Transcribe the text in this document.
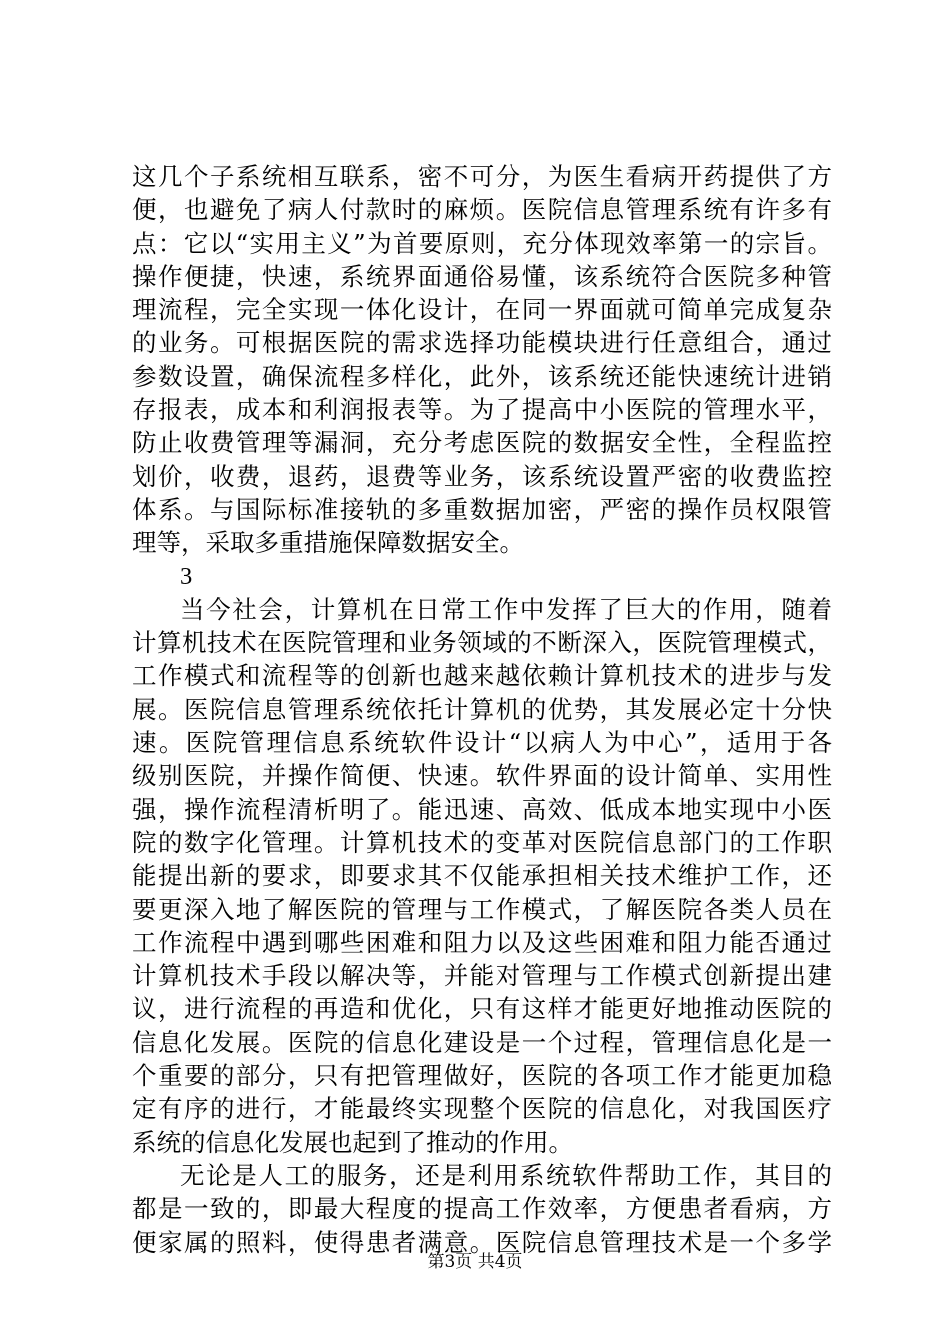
这几个子系统相互联系，密不可分，为医生看病开药提供了方
便，也避免了病人付款时的麻烦。医院信息管理系统有许多有
点：它以“实用主义”为首要原则，充分体现效率第一的宗旨。
操作便捷，快速，系统界面通俗易懂，该系统符合医院多种管
理流程，完全实现一体化设计，在同一界面就可简单完成复杂
的业务。可根据医院的需求选择功能模块进行任意组合，通过
参数设置，确保流程多样化，此外，该系统还能快速统计进销
存报表，成本和利润报表等。为了提高中小医院的管理水平，
防止收费管理等漏洞，充分考虑医院的数据安全性，全程监控
划价，收费，退药，退费等业务，该系统设置严密的收费监控
体系。与国际标准接轨的多重数据加密，严密的操作员权限管
理等，采取多重措施保障数据安全。
3
当今社会，计算机在日常工作中发挥了巨大的作用，随着
计算机技术在医院管理和业务领域的不断深入，医院管理模式，
工作模式和流程等的创新也越来越依赖计算机技术的进步与发
展。医院信息管理系统依托计算机的优势，其发展必定十分快
速。医院管理信息系统软件设计“以病人为中心”，适用于各
级别医院，并操作简便、快速。软件界面的设计简单、实用性
强，操作流程清析明了。能迅速、高效、低成本地实现中小医
院的数字化管理。计算机技术的变革对医院信息部门的工作职
能提出新的要求，即要求其不仅能承担相关技术维护工作，还
要更深入地了解医院的管理与工作模式，了解医院各类人员在
工作流程中遇到哪些困难和阻力以及这些困难和阻力能否通过
计算机技术手段以解决等，并能对管理与工作模式创新提出建
议，进行流程的再造和优化，只有这样才能更好地推动医院的
信息化发展。医院的信息化建设是一个过程，管理信息化是一
个重要的部分，只有把管理做好，医院的各项工作才能更加稳
定有序的进行，才能最终实现整个医院的信息化，对我国医疗
系统的信息化发展也起到了推动的作用。
无论是人工的服务，还是利用系统软件帮助工作，其目的
都是一致的，即最大程度的提高工作效率，方便患者看病，方
便家属的照料，使得患者满意。医院信息管理技术是一个多学
第3页 共4页
